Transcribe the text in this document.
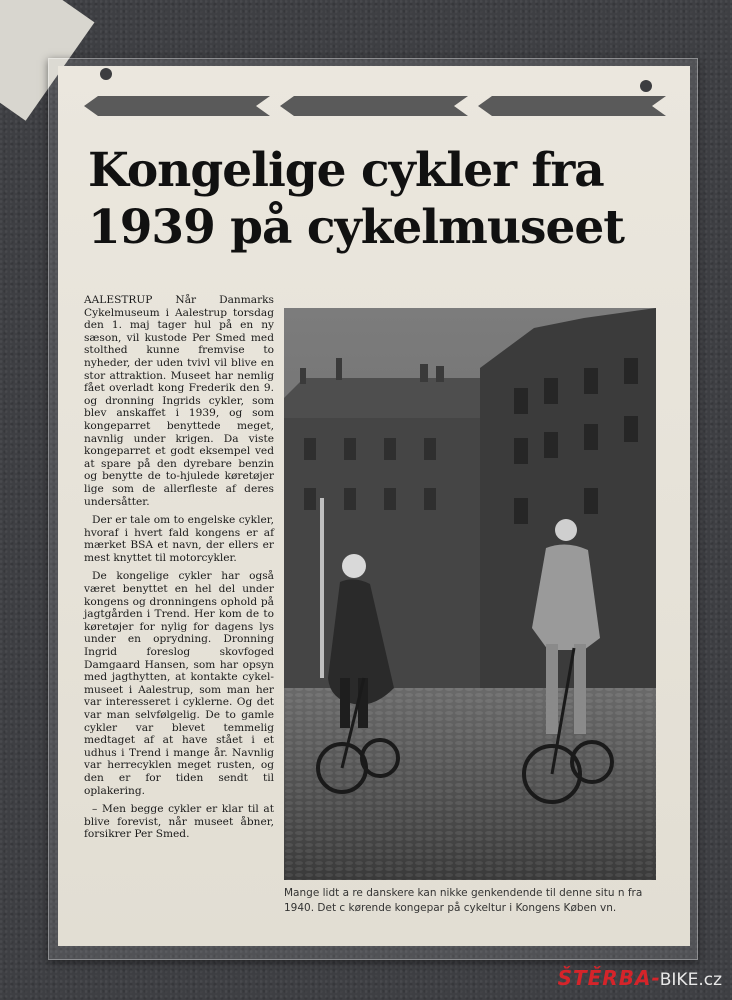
Kongelige cykler fra
1939 på cykelmuseet

AALESTRUP Når Danmarks Cykelmuseum i Aalestrup torsdag den 1. maj tager hul på en ny sæson, vil kustode Per Smed med stolthed kunne fremvise to nyheder, der uden tvivl vil blive en stor attraktion. Museet har nemlig fået overladt kong Frederik den 9. og dronning Ingrids cykler, som blev anskaffet i 1939, og som kongeparret benyttede meget, navnlig under krigen. Da viste kongeparret et godt eksempel ved at spare på den dyrebare benzin og benytte de to-hjulede køretøjer lige som de allerfleste af deres undersåtter.

Der er tale om to engelske cykler, hvoraf i hvert fald kongens er af mærket BSA et navn, der ellers er mest knyttet til motorcykler.

De kongelige cykler har også været benyttet en hel del under kongens og dronningens ophold på jagtgården i Trend. Her kom de to køretøjer for nylig for dagens lys under en oprydning. Dronning Ingrid foreslog skovfoged Damgaard Hansen, som har opsyn med jagthytten, at kontakte cykel-museet i Aalestrup, som man her var interesseret i cyklerne. Og det var man selvfølgelig. De to gamle cykler var blevet temmelig medtaget af at have stået i et udhus i Trend i mange år. Navnlig var herrecyklen meget rusten, og den er for tiden sendt til oplakering.

– Men begge cykler er klar til at blive forevist, når museet åbner, forsikrer Per Smed.

Mange lidt a re danskere kan nikke genkendende til denne situ n fra 1940. Det c kørende kongepar på cykeltur i Kongens Køben vn.

ŠTĚRBA-BIKE.cz
